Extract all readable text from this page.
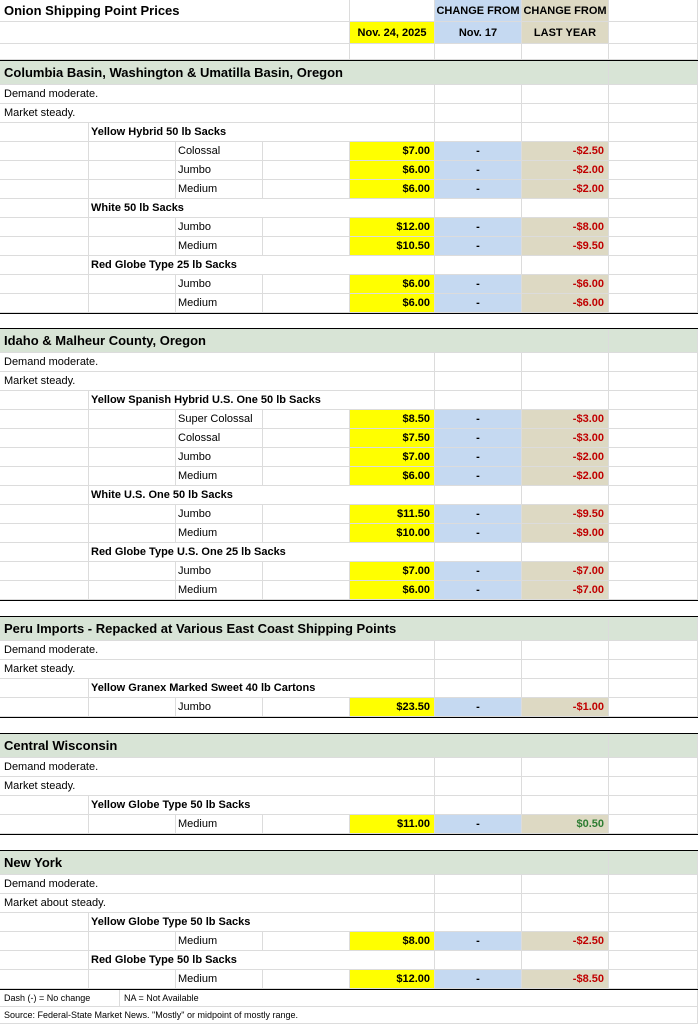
Onion Shipping Point Prices	CHANGE FROM CHANGE FROM
Nov. 24, 2025	Nov. 17	LAST YEAR
Columbia Basin, Washington & Umatilla Basin, Oregon
Demand moderate.
Market steady.
Yellow Hybrid 50 lb Sacks
Colossal	$7.00	-	-$2.50
Jumbo	$6.00	-	-$2.00
Medium	$6.00	-	-$2.00
White 50 lb Sacks
Jumbo	$12.00	-	-$8.00
Medium	$10.50	-	-$9.50
Red Globe Type 25 lb Sacks
Jumbo	$6.00	-	-$6.00
Medium	$6.00	-	-$6.00
Idaho & Malheur County, Oregon
Demand moderate.
Market steady.
Yellow Spanish Hybrid U.S. One 50 lb Sacks
Super Colossal	$8.50	-	-$3.00
Colossal	$7.50	-	-$3.00
Jumbo	$7.00	-	-$2.00
Medium	$6.00	-	-$2.00
White U.S. One 50 lb Sacks
Jumbo	$11.50	-	-$9.50
Medium	$10.00	-	-$9.00
Red Globe Type U.S. One 25 lb Sacks
Jumbo	$7.00	-	-$7.00
Medium	$6.00	-	-$7.00
Peru Imports - Repacked at Various East Coast Shipping Points
Demand moderate.
Market steady.
Yellow Granex Marked Sweet 40 lb Cartons
Jumbo	$23.50	-	-$1.00
Central Wisconsin
Demand moderate.
Market steady.
Yellow Globe Type 50 lb Sacks
Medium	$11.00	-	$0.50
New York
Demand moderate.
Market about steady.
Yellow Globe Type 50 lb Sacks
Medium	$8.00	-	-$2.50
Red Globe Type 50 lb Sacks
Medium	$12.00	-	-$8.50
Dash (-) = No change	NA = Not Available
Source: Federal-State Market News. "Mostly" or midpoint of mostly range.
